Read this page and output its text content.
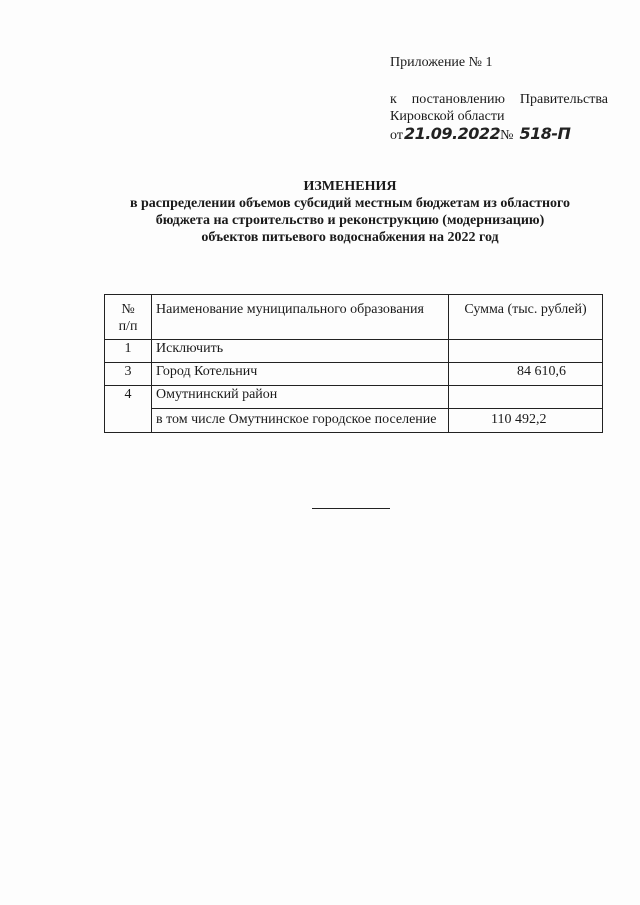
Приложение № 1
к постановлению Правительства
Кировской области
от 21.09.2022 № 518-П
ИЗМЕНЕНИЯ
в распределении объемов субсидий местным бюджетам из областного
бюджета на строительство и реконструкцию (модернизацию)
объектов питьевого водоснабжения на 2022 год
№
п/п	Наименование муниципального образования	Сумма (тыс. рублей)
1	Исключить	
3	Город Котельнич	84 610,6
4	Омутнинский район	
	в том числе Омутнинское городское поселение	110 492,2
